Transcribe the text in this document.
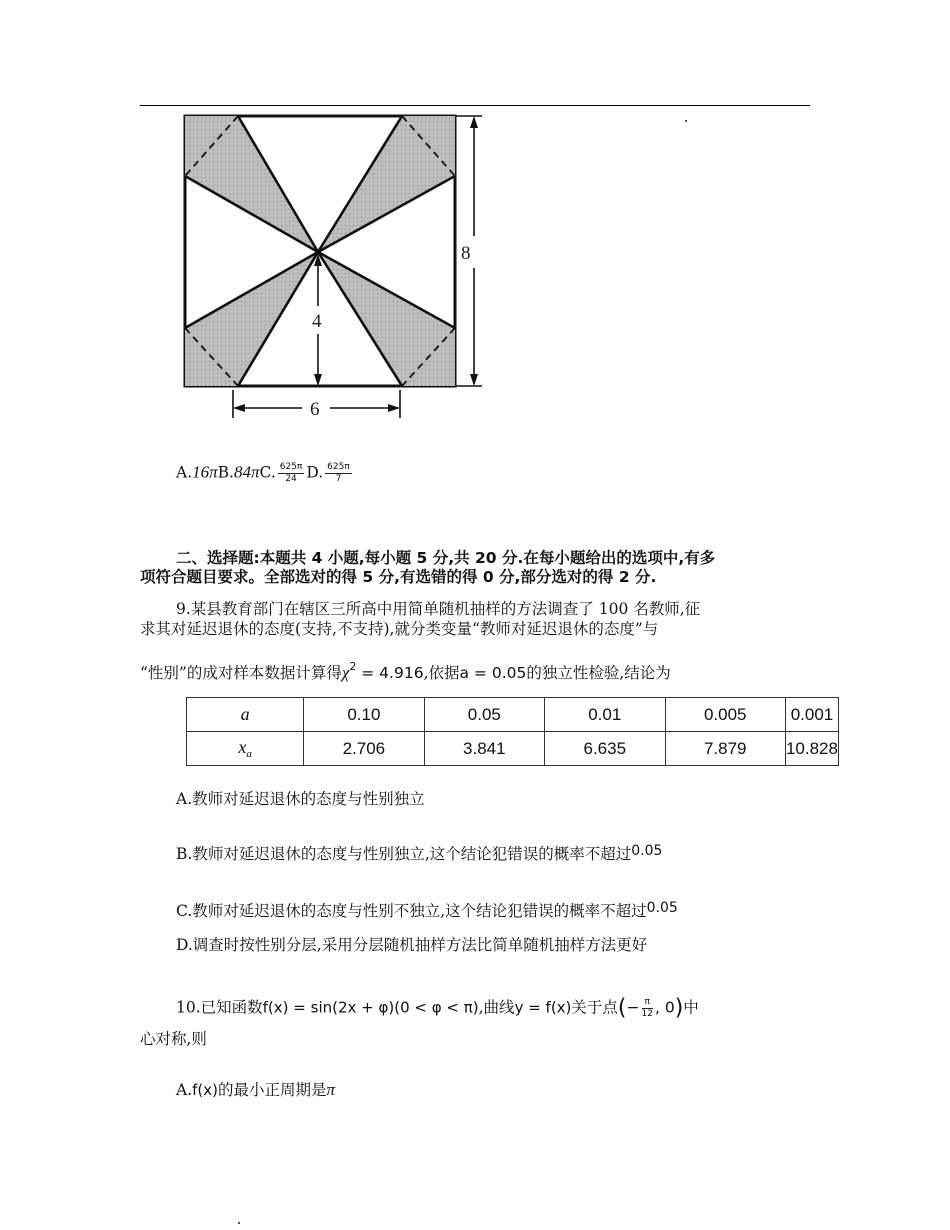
8
4
6
A.16πB.84πC. $\frac{625\pi}{24} D$. $\frac{625\pi}{7}$
二、选择题:本题共 4 小题,每小题 5 分,共 20 分.在每小题给出的选项中,有多
项符合题目要求。全部选对的得 5 分,有选错的得 0 分,部分选对的得 2 分.
9.某县教育部门在辖区三所高中用简单随机抽样的方法调查了 100 名教师,征
求其对延迟退休的态度(支持,不支持),就分类变量“教师对延迟退休的态度”与
“性别”的成对样本数据计算得$\chi^2 = 4.916$,依据a = 0.05的独立性检验,结论为
a	0.10	0.05	0.01	0.005	0.001
$x_a$	2.706	3.841	6.635	7.879	10.828
A.教师对延迟退休的态度与性别独立
B.教师对延迟退休的态度与性别独立,这个结论犯错误的概率不超过0.05
C.教师对延迟退休的态度与性别不独立,这个结论犯错误的概率不超过0.05
D.调查时按性别分层,采用分层随机抽样方法比简单随机抽样方法更好
10.已知函数f(x) = sin(2x + φ)(0 < φ < π),曲线y = f(x)关于点(− $\frac{\pi}{12}$ , 0)中
心对称,则
A.f(x)的最小正周期是π
